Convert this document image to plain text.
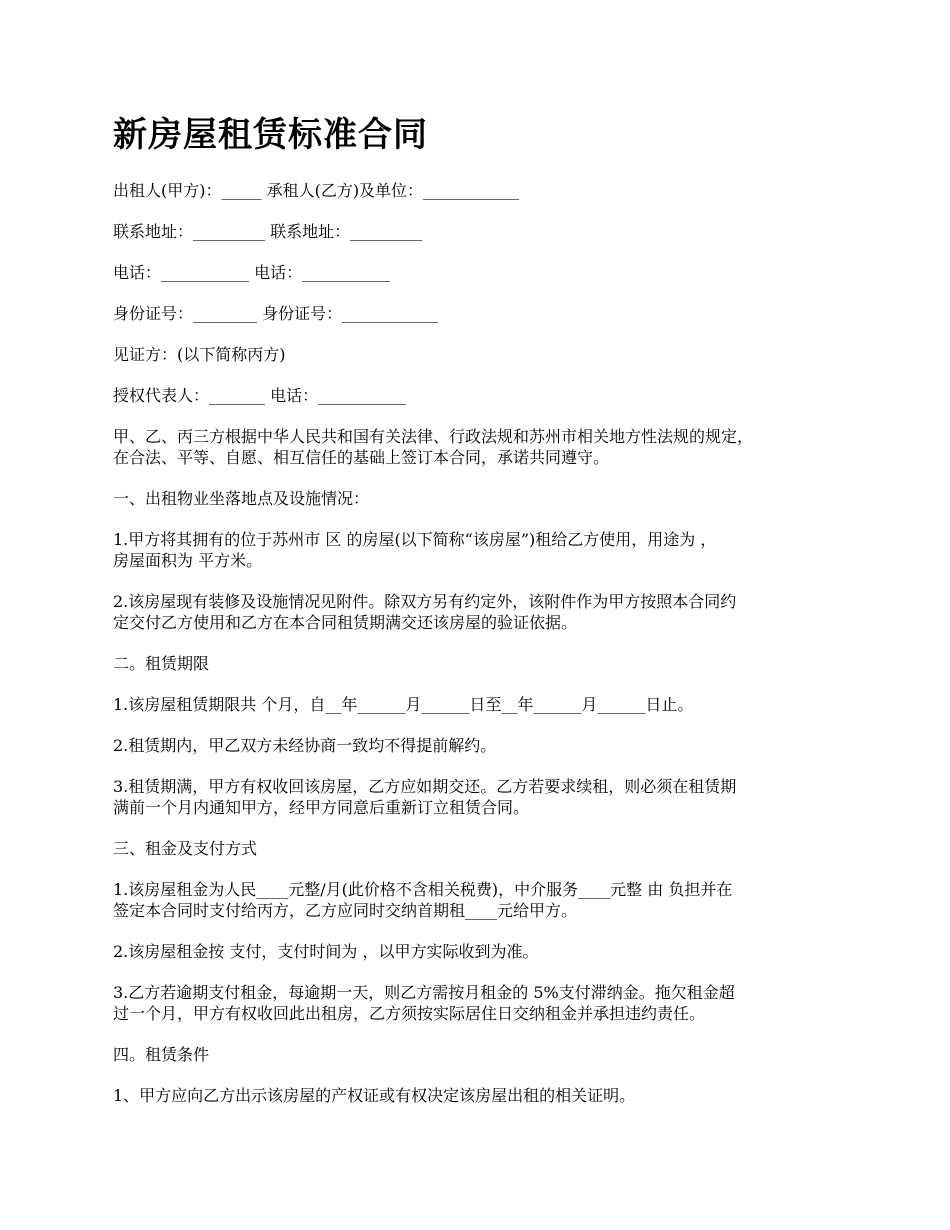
新房屋租赁标准合同

出租人(甲方)：_____ 承租人(乙方)及单位：____________

联系地址：_________ 联系地址：_________

电话：___________ 电话：___________

身份证号：________ 身份证号：____________

见证方：(以下简称丙方)

授权代表人：_______ 电话：___________

甲、乙、丙三方根据中华人民共和国有关法律、行政法规和苏州市相关地方性法规的规定，
在合法、平等、自愿、相互信任的基础上签订本合同，承诺共同遵守。

一、出租物业坐落地点及设施情况：

1.甲方将其拥有的位于苏州市 区 的房屋(以下简称“该房屋”)租给乙方使用，用途为 ，
房屋面积为 平方米。

2.该房屋现有装修及设施情况见附件。除双方另有约定外，该附件作为甲方按照本合同约
定交付乙方使用和乙方在本合同租赁期满交还该房屋的验证依据。

二。租赁期限

1.该房屋租赁期限共 个月，自__年______月______日至__年______月______日止。

2.租赁期内，甲乙双方未经协商一致均不得提前解约。

3.租赁期满，甲方有权收回该房屋，乙方应如期交还。乙方若要求续租，则必须在租赁期
满前一个月内通知甲方，经甲方同意后重新订立租赁合同。

三、租金及支付方式

1.该房屋租金为人民____元整/月(此价格不含相关税费)，中介服务____元整 由 负担并在
签定本合同时支付给丙方，乙方应同时交纳首期租____元给甲方。

2.该房屋租金按 支付，支付时间为 ，以甲方实际收到为准。

3.乙方若逾期支付租金，每逾期一天，则乙方需按月租金的 5%支付滞纳金。拖欠租金超
过一个月，甲方有权收回此出租房，乙方须按实际居住日交纳租金并承担违约责任。

四。租赁条件

1、甲方应向乙方出示该房屋的产权证或有权决定该房屋出租的相关证明。
